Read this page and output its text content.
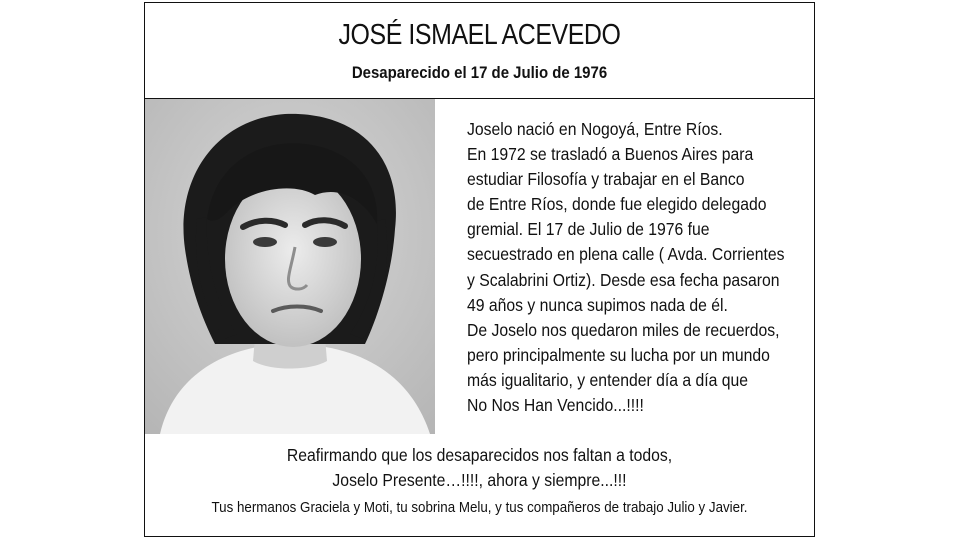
JOSÉ ISMAEL ACEVEDO
Desaparecido el 17 de Julio de 1976
Joselo nació en Nogoyá, Entre Ríos.
En 1972 se trasladó a Buenos Aires para
estudiar Filosofía y trabajar en el Banco
de Entre Ríos, donde fue elegido delegado
gremial. El 17 de Julio de 1976 fue
secuestrado en plena calle ( Avda. Corrientes
y Scalabrini Ortiz). Desde esa fecha pasaron
49 años y nunca supimos nada de él.
De Joselo nos quedaron miles de recuerdos,
pero principalmente su lucha por un mundo
más igualitario, y entender día a día que
No Nos Han Vencido...!!!!
Reafirmando que los desaparecidos nos faltan a todos,
Joselo Presente…!!!!, ahora y siempre...!!!
Tus hermanos Graciela y Moti, tu sobrina Melu, y tus compañeros de trabajo Julio y Javier.
